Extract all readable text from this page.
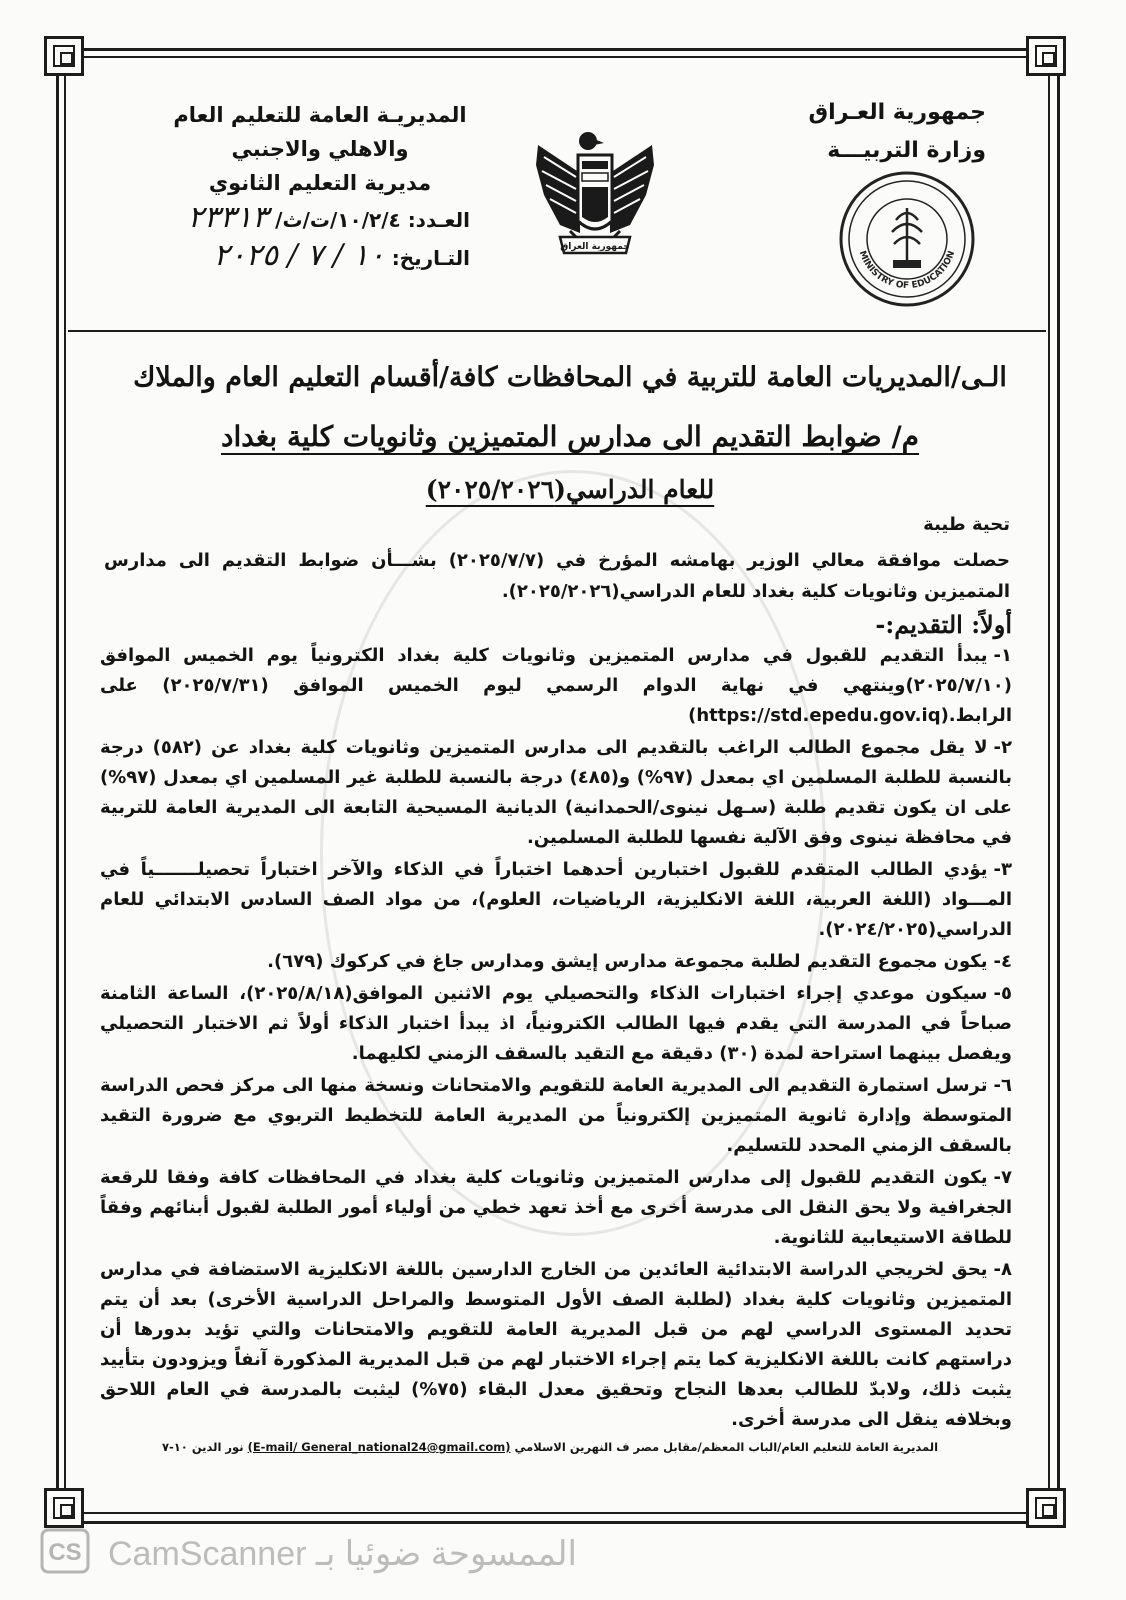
جمهورية العـراق
وزارة التربيـــة
MINISTRY OF EDUCATION
جمهورية العراق
المديريـة العامة للتعليم العام
والاهلي والاجنبي
مديرية التعليم الثانوي
العـدد: ١٠/٢/٤/ت/ث/ ٢٣٣١٣
التـاريخ: ١٠ / ٧ / ٢٠٢٥
الـى/المديريات العامة للتربية في المحافظات كافة/أقسام التعليم العام والملاك
م/ ضوابط التقديم الى مدارس المتميزين وثانويات كلية بغداد
للعام الدراسي(٢٠٢٥/٢٠٢٦)
تحية طيبة
حصلت موافقة معالي الوزير بهامشه المؤرخ في (٢٠٢٥/٧/٧) بشـــأن ضوابط التقديم الى مدارس المتميزين وثانويات كلية بغداد للعام الدراسي(٢٠٢٥/٢٠٢٦).
أولاً: التقديم:-
١-يبدأ التقديم للقبول في مدارس المتميزين وثانويات كلية بغداد الكترونياً يوم الخميس الموافق (٢٠٢٥/٧/١٠)وينتهي في نهاية الدوام الرسمي ليوم الخميس الموافق (٢٠٢٥/٧/٣١) على الرابط(https://std.epedu.gov.iq).
٢-لا يقل مجموع الطالب الراغب بالتقديم الى مدارس المتميزين وثانويات كلية بغداد عن (٥٨٢) درجة بالنسبة للطلبة المسلمين اي بمعدل (٩٧%) و(٤٨٥) درجة بالنسبة للطلبة غير المسلمين اي بمعدل (٩٧%) على ان يكون تقديم طلبة (سـهل نينوى/الحمدانية) الديانية المسيحية التابعة الى المديرية العامة للتربية في محافظة نينوى وفق الآلية نفسها للطلبة المسلمين.
٣-يؤدي الطالب المتقدم للقبول اختبارين أحدهما اختباراً في الذكاء والآخر اختباراً تحصيلـــــــياً في المـــواد (اللغة العربية، اللغة الانكليزية، الرياضيات، العلوم)، من مواد الصف السادس الابتدائي للعام الدراسي(٢٠٢٤/٢٠٢٥).
٤-يكون مجموع التقديم لطلبة مجموعة مدارس إيشق ومدارس جاغ في كركوك (٦٧٩).
٥-سيكون موعدي إجراء اختبارات الذكاء والتحصيلي يوم الاثنين الموافق(٢٠٢٥/٨/١٨)، الساعة الثامنة صباحاً في المدرسة التي يقدم فيها الطالب الكترونياً، اذ يبدأ اختبار الذكاء أولاً ثم الاختبار التحصيلي ويفصل بينهما استراحة لمدة (٣٠) دقيقة مع التقيد بالسقف الزمني لكليهما.
٦-ترسل استمارة التقديم الى المديرية العامة للتقويم والامتحانات ونسخة منها الى مركز فحص الدراسة المتوسطة وإدارة ثانوية المتميزين إلكترونياً من المديرية العامة للتخطيط التربوي مع ضرورة التقيد بالسقف الزمني المحدد للتسليم.
٧-يكون التقديم للقبول إلى مدارس المتميزين وثانويات كلية بغداد في المحافظات كافة وفقا للرقعة الجغرافية ولا يحق النقل الى مدرسة أخرى مع أخذ تعهد خطي من أولياء أمور الطلبة لقبول أبنائهم وفقاً للطاقة الاستيعابية للثانوية.
٨-يحق لخريجي الدراسة الابتدائية العائدين من الخارج الدارسين باللغة الانكليزية الاستضافة في مدارس المتميزين وثانويات كلية بغداد (لطلبة الصف الأول المتوسط والمراحل الدراسية الأخرى) بعد أن يتم تحديد المستوى الدراسي لهم من قبل المديرية العامة للتقويم والامتحانات والتي تؤيد بدورها أن دراستهم كانت باللغة الانكليزية كما يتم إجراء الاختبار لهم من قبل المديرية المذكورة آنفاً ويزودون بتأييد يثبت ذلك، ولابدّ للطالب بعدها النجاح وتحقيق معدل البقاء (٧٥%) ليثبت بالمدرسة في العام اللاحق وبخلافه ينقل الى مدرسة أخرى.
المديرية العامة للتعليم العام/الباب المعظم/مقابل مصر ف النهرين الاسلامي (E-mail/ General_national24@gmail.com) نور الدين ١٠-٧
CS CamScanner الممسوحة ضوئيا بـ
